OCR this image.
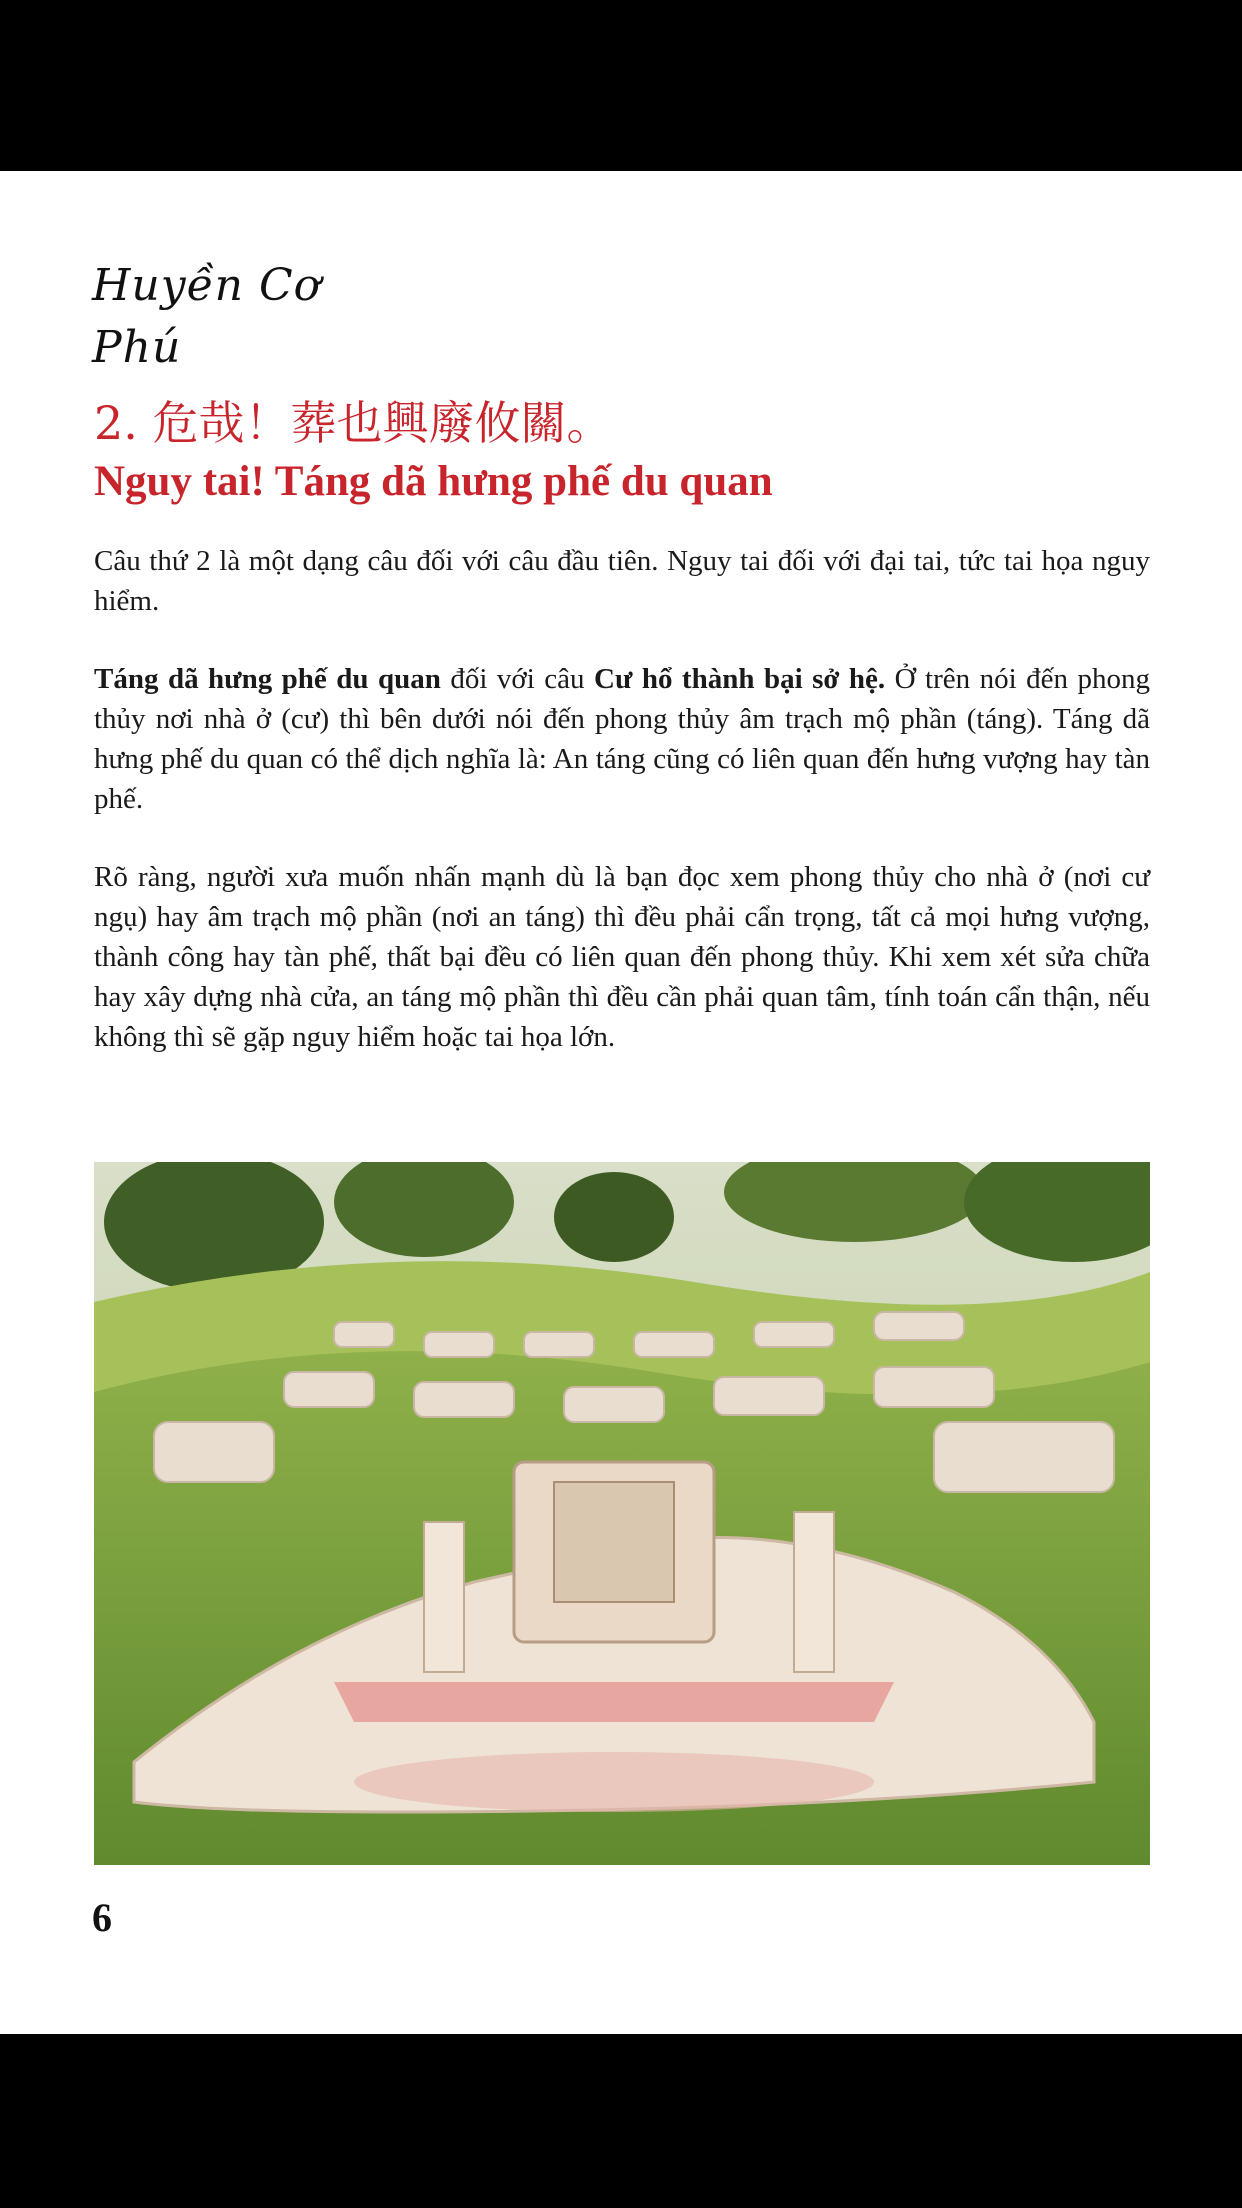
Huyền Cơ Phú
2. 危哉！葬也興廢攸關。
Nguy tai! Táng dã hưng phế du quan

Câu thứ 2 là một dạng câu đối với câu đầu tiên. Nguy tai đối với đại tai, tức tai họa nguy hiểm.

Táng dã hưng phế du quan đối với câu Cư hổ thành bại sở hệ. Ở trên nói đến phong thủy nơi nhà ở (cư) thì bên dưới nói đến phong thủy âm trạch mộ phần (táng). Táng dã hưng phế du quan có thể dịch nghĩa là: An táng cũng có liên quan đến hưng vượng hay tàn phế.

Rõ ràng, người xưa muốn nhấn mạnh dù là bạn đọc xem phong thủy cho nhà ở (nơi cư ngụ) hay âm trạch mộ phần (nơi an táng) thì đều phải cẩn trọng, tất cả mọi hưng vượng, thành công hay tàn phế, thất bại đều có liên quan đến phong thủy. Khi xem xét sửa chữa hay xây dựng nhà cửa, an táng mộ phần thì đều cần phải quan tâm, tính toán cẩn thận, nếu không thì sẽ gặp nguy hiểm hoặc tai họa lớn.

6
